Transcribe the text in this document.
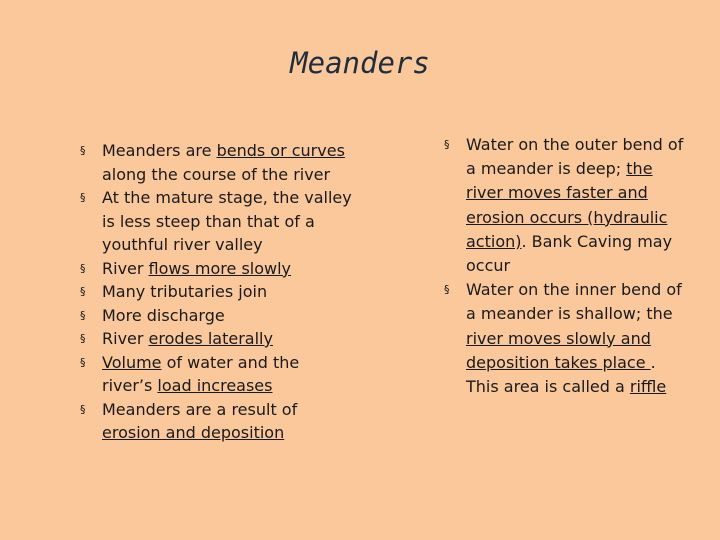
Meanders
§ Meanders are bends or curves along the course of the river
§ At the mature stage, the valley is less steep than that of a youthful river valley
§ River flows more slowly
§ Many tributaries join
§ More discharge
§ River erodes laterally
§ Volume of water and the river’s load increases
§ Meanders are a result of erosion and deposition
§ Water on the outer bend of a meander is deep; the river moves faster and erosion occurs (hydraulic action). Bank Caving may occur
§ Water on the inner bend of a meander is shallow; the river moves slowly and deposition takes place . This area is called a riffle
